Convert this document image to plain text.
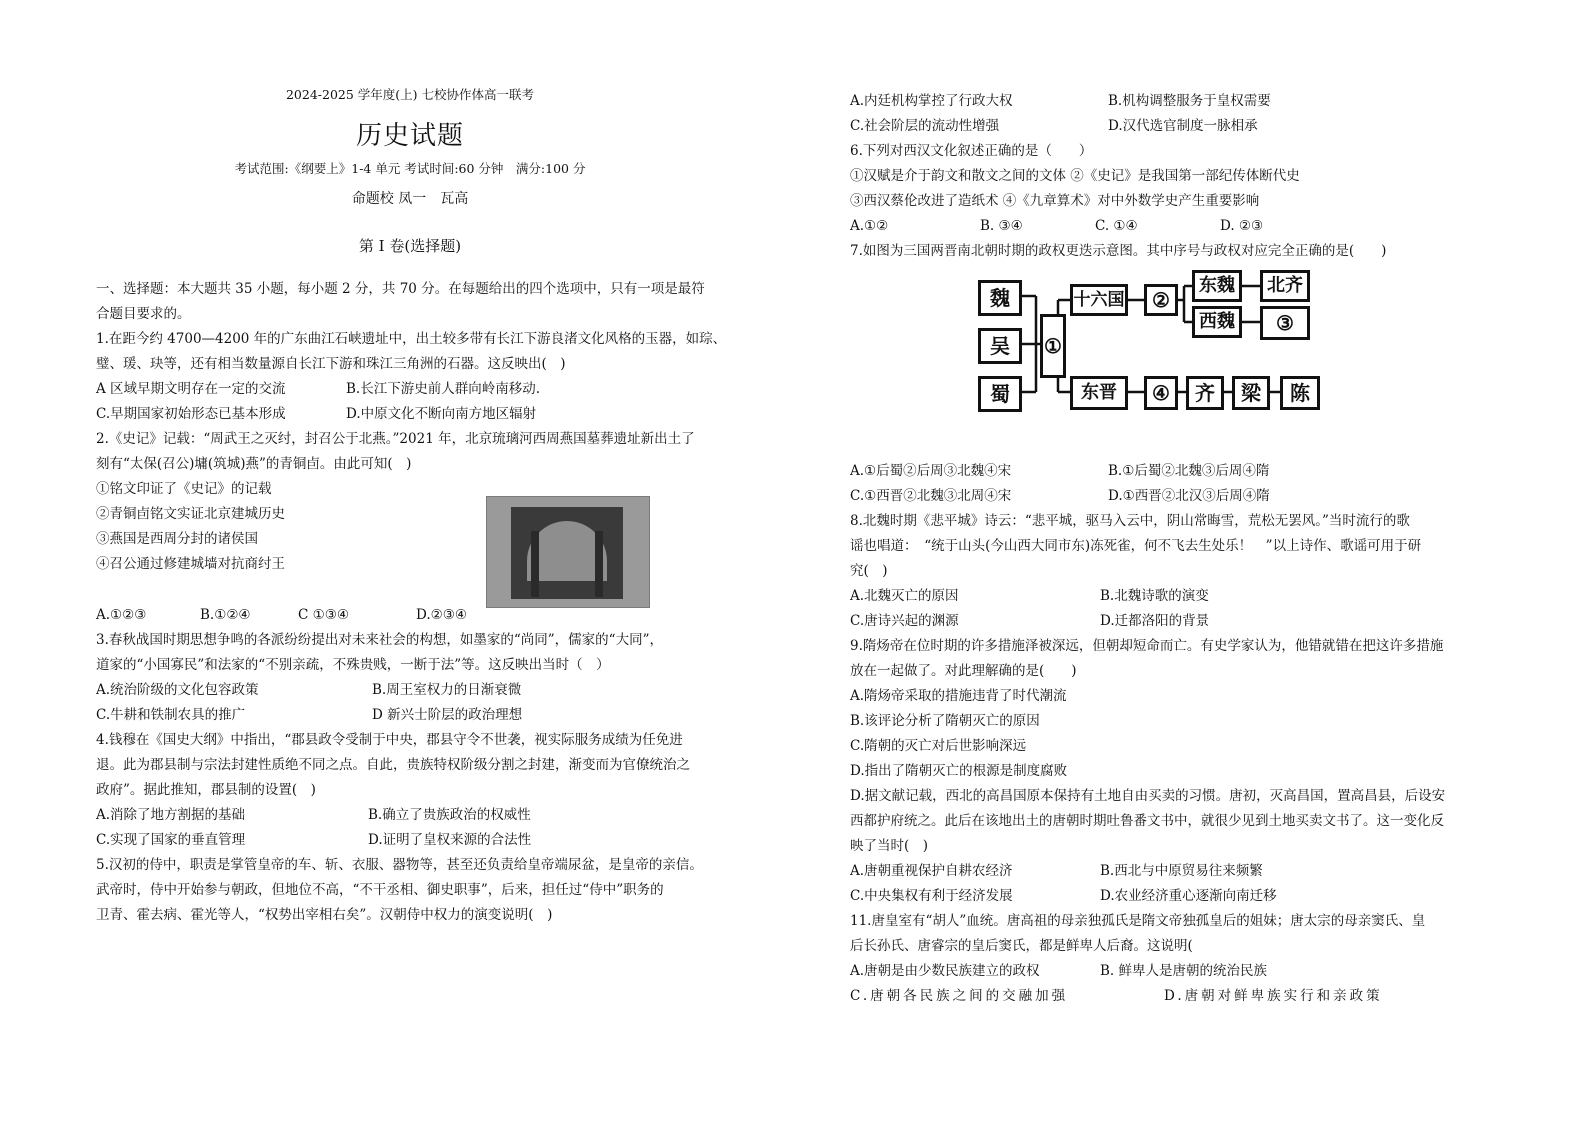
2024-2025 学年度(上) 七校协作体高一联考
历史试题
考试范围:《纲要上》1-4 单元 考试时间:60 分钟　满分:100 分
命题校 凤一　瓦高
第 I 卷(选择题)
一、选择题：本大题共 35 小题，每小题 2 分，共 70 分。在每题给出的四个选项中，只有一项是最符
合题目要求的。
1.在距今约 4700—4200 年的广东曲江石峡遗址中，出土较多带有长江下游良渚文化风格的玉器，如琮、
璧、瑗、玦等，还有相当数量源自长江下游和珠江三角洲的石器。这反映出(　)
A 区域早期文明存在一定的交流	B.长江下游史前人群向岭南移动.
C.早期国家初始形态已基本形成	D.中原文化不断向南方地区辐射
2.《史记》记载：“周武王之灭纣，封召公于北燕。”2021 年，北京琉璃河西周燕国墓葬遗址新出土了
刻有“太保(召公)墉(筑城)燕”的青铜卣。由此可知(　)
①铭文印证了《史记》的记载
②青铜卣铭文实证北京建城历史
③燕国是西周分封的诸侯国
④召公通过修建城墙对抗商纣王
A.①②③	B.①②④	C ①③④	D.②③④
3.春秋战国时期思想争鸣的各派纷纷提出对未来社会的构想，如墨家的“尚同”，儒家的“大同”，
道家的“小国寡民”和法家的“不别亲疏，不殊贵贱，一断于法”等。这反映出当时（　）
A.统治阶级的文化包容政策	B.周王室权力的日渐衰微
C.牛耕和铁制农具的推广	D 新兴士阶层的政治理想
4.钱穆在《国史大纲》中指出，“郡县政令受制于中央，郡县守令不世袭，视实际服务成绩为任免进
退。此为郡县制与宗法封建性质绝不同之点。自此，贵族特权阶级分割之封建，渐变而为官僚统治之
政府”。据此推知，郡县制的设置(　)
A.消除了地方割据的基础	B.确立了贵族政治的权威性
C.实现了国家的垂直管理	D.证明了皇权来源的合法性
5.汉初的侍中，职责是掌管皇帝的车、斩、衣服、器物等，甚至还负责给皇帝端尿盆，是皇帝的亲信。
武帝时，侍中开始参与朝政，但地位不高，“不干丞相、御史职事”，后来，担任过“侍中”职务的
卫青、霍去病、霍光等人，“权势出宰相右矣”。汉朝侍中权力的演变说明(　)
A.内廷机构掌控了行政大权	B.机构调整服务于皇权需要
C.社会阶层的流动性增强	D.汉代选官制度一脉相承
6.下列对西汉文化叙述正确的是（　　）
①汉赋是介于韵文和散文之间的文体 ②《史记》是我国第一部纪传体断代史
③西汉蔡伦改进了造纸术 ④《九章算术》对中外数学史产生重要影响
A.①②	B. ③④	C. ①④	D. ②③
7.如图为三国两晋南北朝时期的政权更迭示意图。其中序号与政权对应完全正确的是(　　)
魏
吴
蜀
①
十六国	②
东魏
西魏
北齐
③
东晋	④	齐	梁	陈
A.①后蜀②后周③北魏④宋	B.①后蜀②北魏③后周④隋
C.①西晋②北魏③北周④宋	D.①西晋②北汉③后周④隋
8.北魏时期《悲平城》诗云：“悲平城，驱马入云中，阴山常晦雪，荒松无罢风。”当时流行的歌
谣也唱道：　“统于山头(今山西大同市东)冻死雀，何不飞去生处乐！　”以上诗作、歌谣可用于研
究(　)
A.北魏灭亡的原因	B.北魏诗歌的演变
C.唐诗兴起的渊源	D.迁都洛阳的背景
9.隋炀帝在位时期的许多措施泽被深远，但朝却短命而亡。有史学家认为，他错就错在把这许多措施
放在一起做了。对此理解确的是(　　)
A.隋炀帝采取的措施违背了时代潮流
B.该评论分析了隋朝灭亡的原因
C.隋朝的灭亡对后世影响深远
D.指出了隋朝灭亡的根源是制度腐败
D.据文献记载，西北的高昌国原本保持有土地自由买卖的习惯。唐初，灭高昌国，置高昌县，后设安
西都护府统之。此后在该地出土的唐朝时期吐鲁番文书中，就很少见到土地买卖文书了。这一变化反
映了当时(　)
A.唐朝重视保护自耕农经济	B.西北与中原贸易往来频繁
C.中央集权有利于经济发展	D.农业经济重心逐渐向南迁移
11.唐皇室有“胡人”血统。唐高祖的母亲独孤氏是隋文帝独孤皇后的姐妹；唐太宗的母亲窦氏、皇
后长孙氏、唐睿宗的皇后窦氏，都是鲜卑人后裔。这说明(
A.唐朝是由少数民族建立的政权	B. 鲜卑人是唐朝的统治民族
C.唐朝各民族之间的交融加强	D.唐朝对鲜卑族实行和亲政策
